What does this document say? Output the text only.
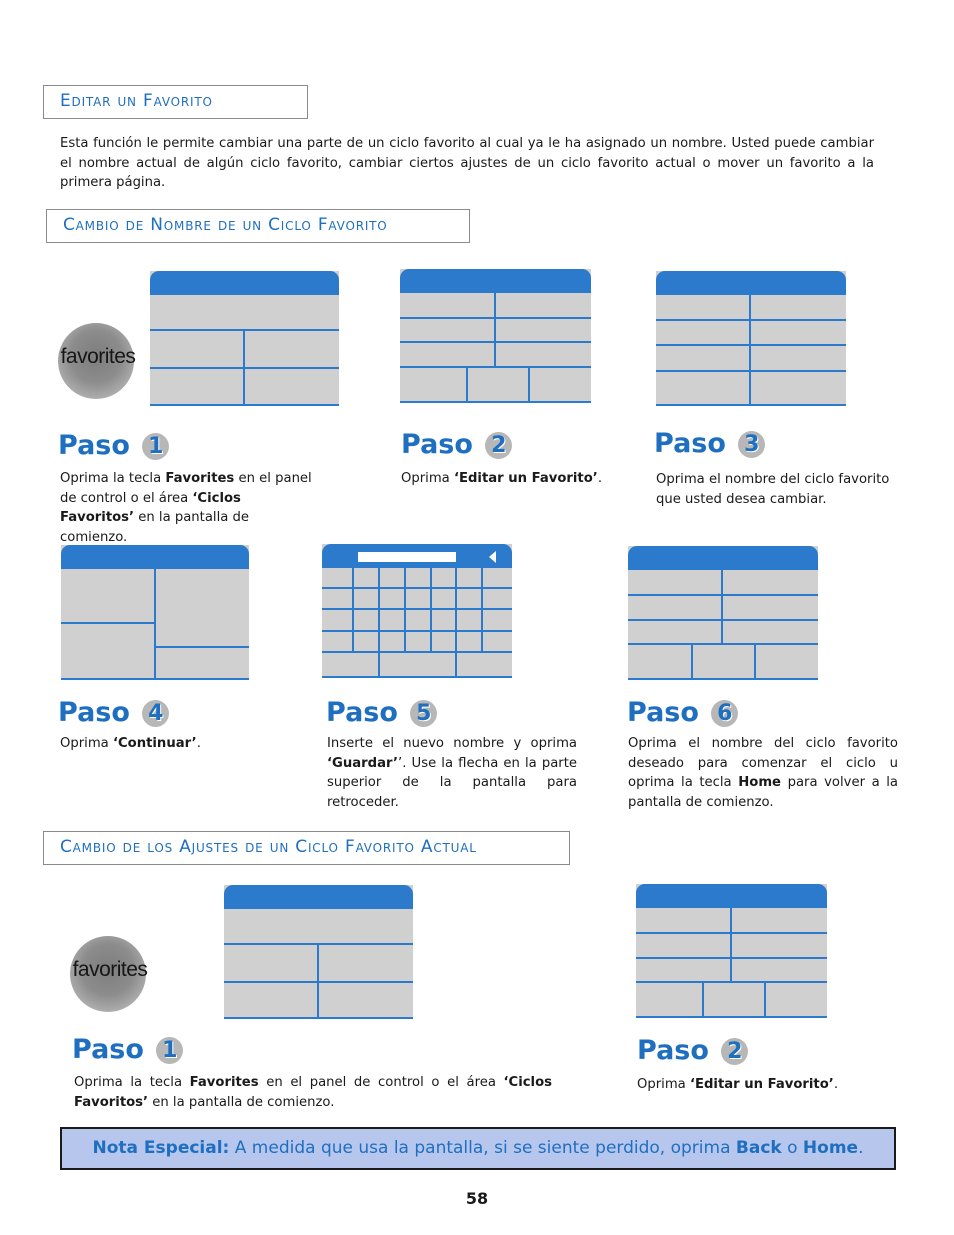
Editar un Favorito

Esta función le permite cambiar una parte de un ciclo favorito al cual ya le ha asignado un nombre. Usted puede cambiar el nombre actual de algún ciclo favorito, cambiar ciertos ajustes de un ciclo favorito actual o mover un favorito a la primera página.

Cambio de Nombre de un Ciclo Favorito
favorites
Paso 1
Oprima la tecla Favorites en el panel de control o el área ‘Ciclos Favoritos’ en la pantalla de comienzo.
Paso 2
Oprima ‘Editar un Favorito’.
Paso 3
Oprima el nombre del ciclo favorito que usted desea cambiar.
Paso 4
Oprima ‘Continuar’.
Paso 5
Inserte el nuevo nombre y oprima ‘Guardar’’. Use la flecha en la parte superior de la pantalla para retroceder.
Paso 6
Oprima el nombre del ciclo favorito deseado para comenzar el ciclo u oprima la tecla Home para volver a la pantalla de comienzo.
Cambio de los Ajustes de un Ciclo Favorito Actual
favorites
Paso 1
Oprima la tecla Favorites en el panel de control o el área ‘Ciclos Favoritos’ en la pantalla de comienzo.
Paso 2
Oprima ‘Editar un Favorito’.
Nota Especial: A medida que usa la pantalla, si se siente perdido, oprima Back o Home.
58
